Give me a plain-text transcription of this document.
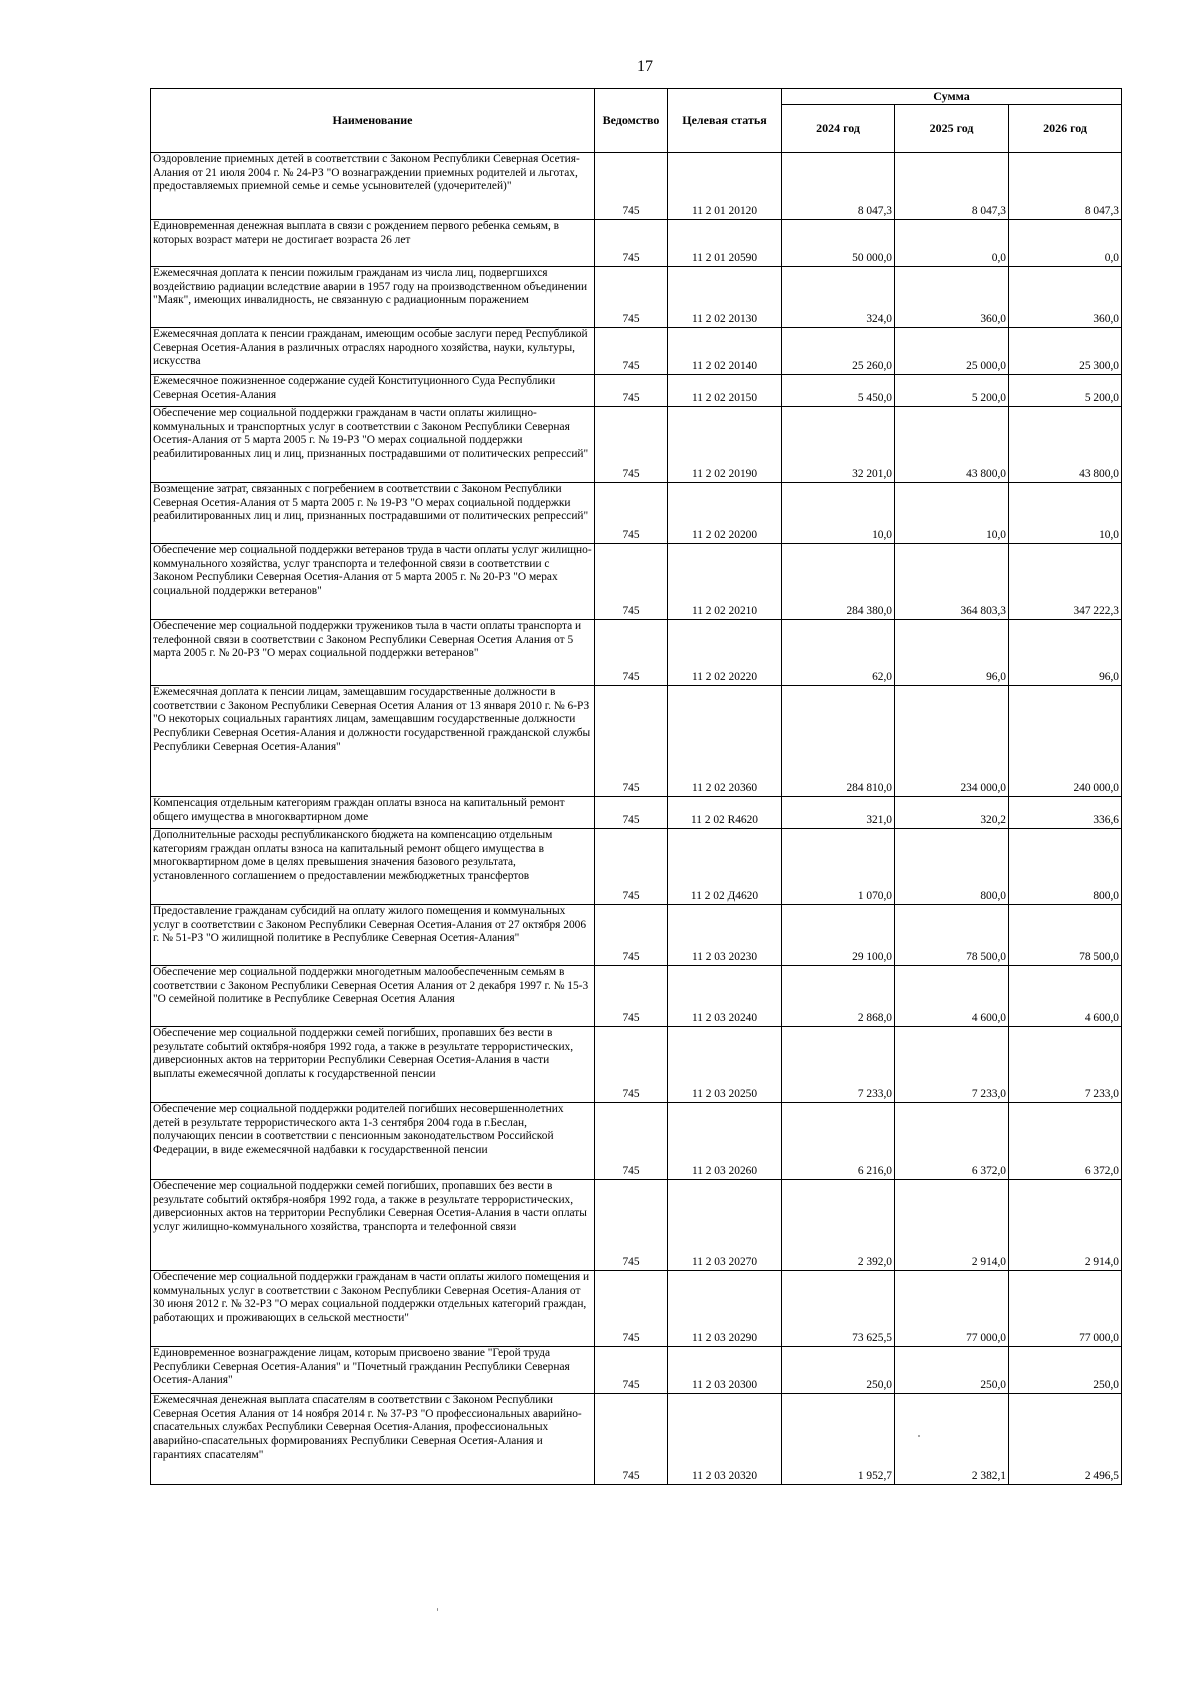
17
Наименование	Ведомство	Целевая статья	Сумма		
			2024 год	2025 год	2026 год
Оздоровление приемных детей в соответствии с Законом Республики Северная Осетия-Алания от 21 июля 2004 г. № 24-РЗ "О вознаграждении приемных родителей и льготах, предоставляемых приемной семье и семье усыновителей (удочерителей)"	745	11 2 01 20120	8 047,3	8 047,3	8 047,3
Единовременная денежная выплата в связи с рождением первого ребенка семьям, в которых возраст матери не достигает возраста 26 лет	745	11 2 01 20590	50 000,0	0,0	0,0
Ежемесячная доплата к пенсии пожилым гражданам из числа лиц, подвергшихся воздействию радиации вследствие аварии в 1957 году на производственном объединении "Маяк", имеющих инвалидность, не связанную с радиационным поражением	745	11 2 02 20130	324,0	360,0	360,0
Ежемесячная доплата к пенсии гражданам, имеющим особые заслуги перед Республикой Северная Осетия-Алания в различных отраслях народного хозяйства, науки, культуры, искусства	745	11 2 02 20140	25 260,0	25 000,0	25 300,0
Ежемесячное пожизненное содержание судей Конституционного Суда Республики Северная Осетия-Алания	745	11 2 02 20150	5 450,0	5 200,0	5 200,0
Обеспечение мер социальной поддержки гражданам в части оплаты жилищно-коммунальных и транспортных услуг в соответствии с Законом Республики Северная Осетия-Алания от 5 марта 2005 г. № 19-РЗ "О мерах социальной поддержки реабилитированных лиц и лиц, признанных пострадавшими от политических репрессий"	745	11 2 02 20190	32 201,0	43 800,0	43 800,0
Возмещение затрат, связанных с погребением в соответствии с Законом Республики Северная Осетия-Алания от 5 марта 2005 г. № 19-РЗ "О мерах социальной поддержки реабилитированных лиц и лиц, признанных пострадавшими от политических репрессий"	745	11 2 02 20200	10,0	10,0	10,0
Обеспечение мер социальной поддержки ветеранов труда в части оплаты услуг жилищно-коммунального хозяйства, услуг транспорта и телефонной связи в соответствии с Законом Республики Северная Осетия-Алания от 5 марта 2005 г. № 20-РЗ "О мерах социальной поддержки ветеранов"	745	11 2 02 20210	284 380,0	364 803,3	347 222,3
Обеспечение мер социальной поддержки тружеников тыла в части оплаты транспорта и телефонной связи в соответствии с Законом Республики Северная Осетия Алания от 5 марта 2005 г. № 20-РЗ "О мерах социальной поддержки ветеранов"	745	11 2 02 20220	62,0	96,0	96,0
Ежемесячная доплата к пенсии лицам, замещавшим государственные должности в соответствии с Законом Республики Северная Осетия Алания от 13 января 2010 г. № 6-РЗ "О некоторых социальных гарантиях лицам, замещавшим государственные должности Республики Северная Осетия-Алания и должности государственной гражданской службы Республики Северная Осетия-Алания"	745	11 2 02 20360	284 810,0	234 000,0	240 000,0
Компенсация отдельным категориям граждан оплаты взноса на капитальный ремонт общего имущества в многоквартирном доме	745	11 2 02 R4620	321,0	320,2	336,6
Дополнительные расходы республиканского бюджета на компенсацию отдельным категориям граждан оплаты взноса на капитальный ремонт общего имущества в многоквартирном доме в целях превышения значения базового результата, установленного соглашением о предоставлении межбюджетных трансфертов	745	11 2 02 Д4620	1 070,0	800,0	800,0
Предоставление гражданам субсидий на оплату жилого помещения и коммунальных услуг в соответствии с Законом Республики Северная Осетия-Алания от 27 октября 2006 г. № 51-РЗ "О жилищной политике в Республике Северная Осетия-Алания"	745	11 2 03 20230	29 100,0	78 500,0	78 500,0
Обеспечение мер социальной поддержки многодетным малообеспеченным семьям в соответствии с Законом Республики Северная Осетия Алания от 2 декабря 1997 г. № 15-3 "О семейной политике в Республике Северная Осетия Алания	745	11 2 03 20240	2 868,0	4 600,0	4 600,0
Обеспечение мер социальной поддержки семей погибших, пропавших без вести в результате событий октября-ноября 1992 года, а также в результате террористических, диверсионных актов на территории Республики Северная Осетия-Алания в части выплаты ежемесячной доплаты к государственной пенсии	745	11 2 03 20250	7 233,0	7 233,0	7 233,0
Обеспечение мер социальной поддержки родителей погибших несовершеннолетних детей в результате террористического акта 1-3 сентября 2004 года в г.Беслан, получающих пенсии в соответствии с пенсионным законодательством Российской Федерации, в виде ежемесячной надбавки к государственной пенсии	745	11 2 03 20260	6 216,0	6 372,0	6 372,0
Обеспечение мер социальной поддержки семей погибших, пропавших без вести в результате событий октября-ноября 1992 года, а также в результате террористических, диверсионных актов на территории Республики Северная Осетия-Алания в части оплаты услуг жилищно-коммунального хозяйства, транспорта и телефонной связи	745	11 2 03 20270	2 392,0	2 914,0	2 914,0
Обеспечение мер социальной поддержки гражданам в части оплаты жилого помещения и коммунальных услуг в соответствии с Законом Республики Северная Осетия-Алания от 30 июня 2012 г. № 32-РЗ "О мерах социальной поддержки отдельных категорий граждан, работающих и проживающих в сельской местности"	745	11 2 03 20290	73 625,5	77 000,0	77 000,0
Единовременное вознаграждение лицам, которым присвоено звание "Герой труда Республики Северная Осетия-Алания" и "Почетный гражданин Республики Северная Осетия-Алания"	745	11 2 03 20300	250,0	250,0	250,0
Ежемесячная денежная выплата спасателям в соответствии с Законом Республики Северная Осетия Алания от 14 ноября 2014 г. № 37-РЗ "О профессиональных аварийно-спасательных службах Республики Северная Осетия-Алания, профессиональных аварийно-спасательных формированиях Республики Северная Осетия-Алания и гарантиях спасателям"	745	11 2 03 20320	1 952,7	2 382,1	2 496,5
